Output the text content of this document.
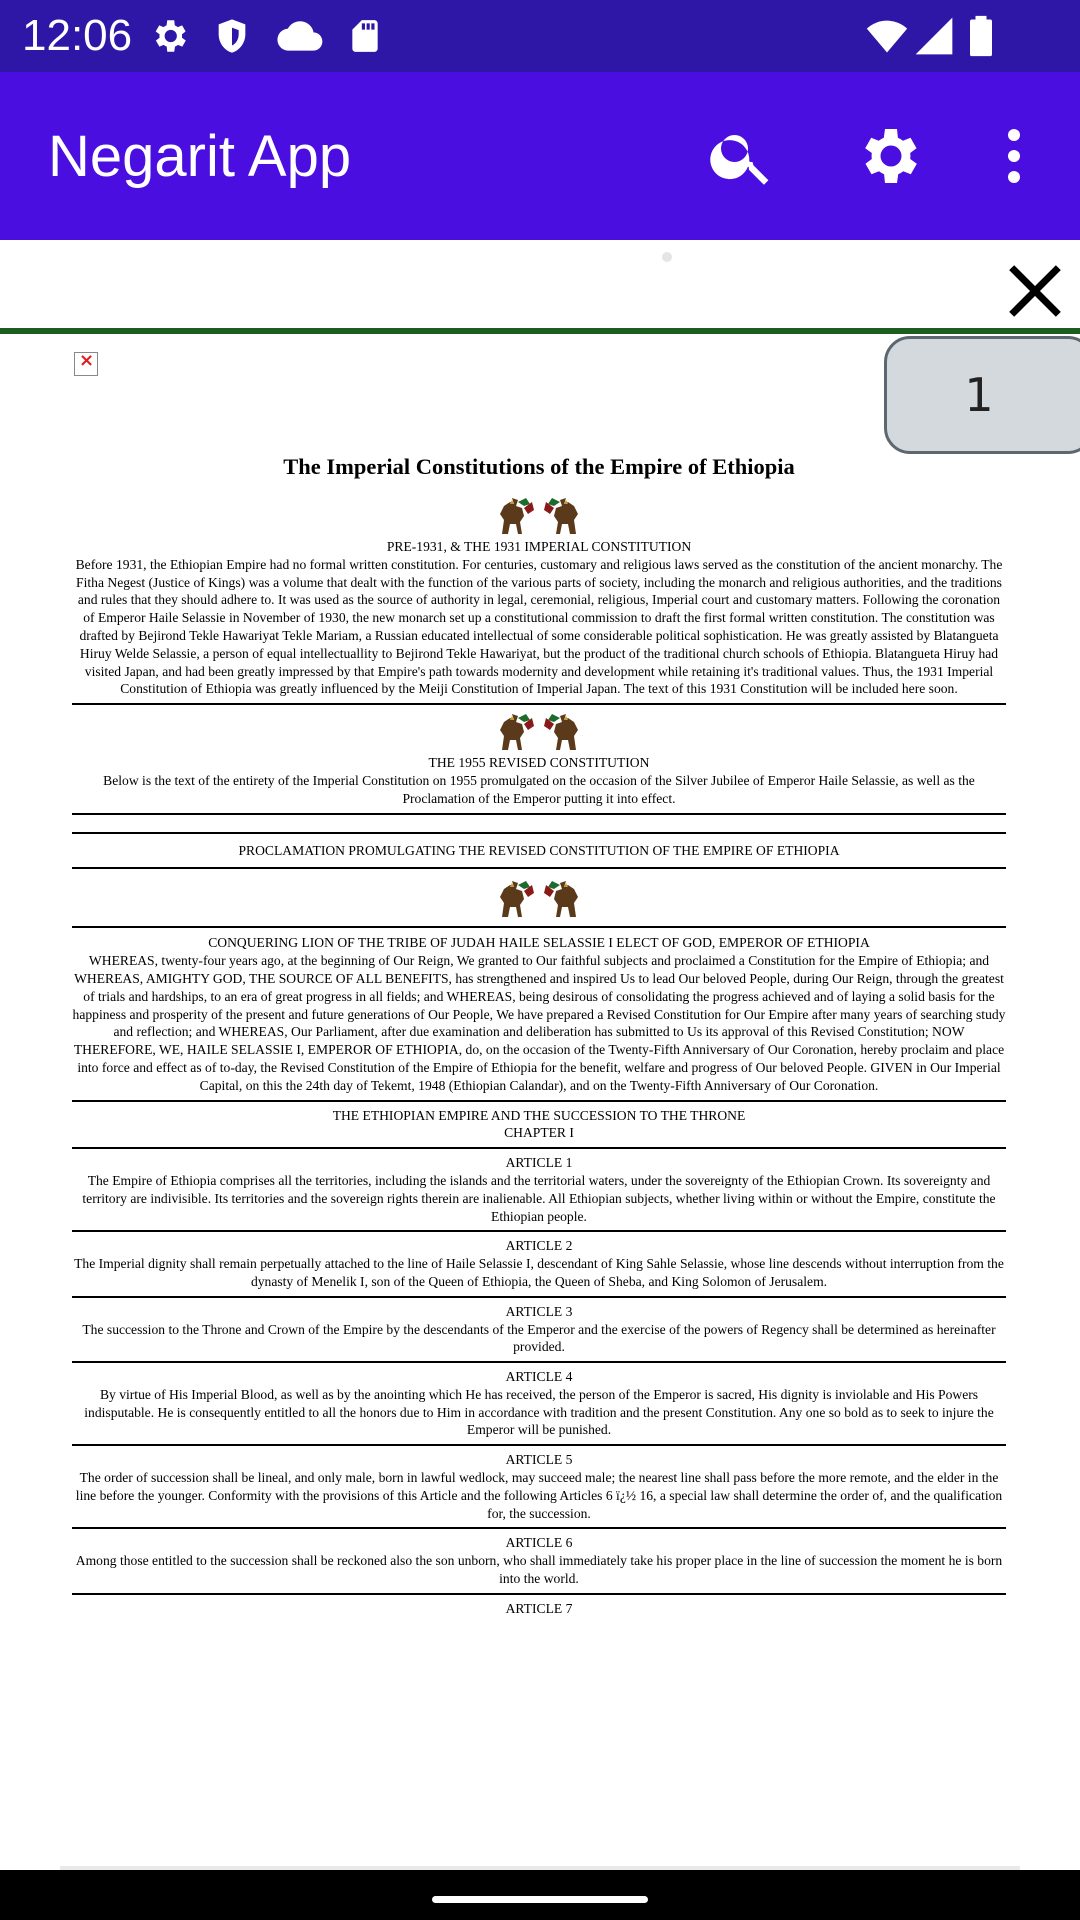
12:06
Negarit App
×
1
The Imperial Constitutions of the Empire of Ethiopia
PRE-1931, & THE 1931 IMPERIAL CONSTITUTION
Before 1931, the Ethiopian Empire had no formal written constitution. For centuries, customary and religious laws served as the constitution of the ancient monarchy. The Fitha Negest (Justice of Kings) was a volume that dealt with the function of the various parts of society, including the monarch and religious authorities, and the traditions and rules that they should adhere to. It was used as the source of authority in legal, ceremonial, religious, Imperial court and customary matters. Following the coronation of Emperor Haile Selassie in November of 1930, the new monarch set up a constitutional commission to draft the first formal written constitution. The constitution was drafted by Bejirond Tekle Hawariyat Tekle Mariam, a Russian educated intellectual of some considerable political sophistication. He was greatly assisted by Blatangueta Hiruy Welde Selassie, a person of equal intellectuallity to Bejirond Tekle Hawariyat, but the product of the traditional church schools of Ethiopia. Blatangueta Hiruy had visited Japan, and had been greatly impressed by that Empire's path towards modernity and development while retaining it's traditional values. Thus, the 1931 Imperial Constitution of Ethiopia was greatly influenced by the Meiji Constitution of Imperial Japan. The text of this 1931 Constitution will be included here soon.
THE 1955 REVISED CONSTITUTION
Below is the text of the entirety of the Imperial Constitution on 1955 promulgated on the occasion of the Silver Jubilee of Emperor Haile Selassie, as well as the Proclamation of the Emperor putting it into effect.
PROCLAMATION PROMULGATING THE REVISED CONSTITUTION OF THE EMPIRE OF ETHIOPIA
CONQUERING LION OF THE TRIBE OF JUDAH HAILE SELASSIE I ELECT OF GOD, EMPEROR OF ETHIOPIA
WHEREAS, twenty-four years ago, at the beginning of Our Reign, We granted to Our faithful subjects and proclaimed a Constitution for the Empire of Ethiopia; and WHEREAS, AMIGHTY GOD, THE SOURCE OF ALL BENEFITS, has strengthened and inspired Us to lead Our beloved People, during Our Reign, through the greatest of trials and hardships, to an era of great progress in all fields; and WHEREAS, being desirous of consolidating the progress achieved and of laying a solid basis for the happiness and prosperity of the present and future generations of Our People, We have prepared a Revised Constitution for Our Empire after many years of searching study and reflection; and WHEREAS, Our Parliament, after due examination and deliberation has submitted to Us its approval of this Revised Constitution; NOW THEREFORE, WE, HAILE SELASSIE I, EMPEROR OF ETHIOPIA, do, on the occasion of the Twenty-Fifth Anniversary of Our Coronation, hereby proclaim and place into force and effect as of to-day, the Revised Constitution of the Empire of Ethiopia for the benefit, welfare and progress of Our beloved People. GIVEN in Our Imperial Capital, on this the 24th day of Tekemt, 1948 (Ethiopian Calandar), and on the Twenty-Fifth Anniversary of Our Coronation.
THE ETHIOPIAN EMPIRE AND THE SUCCESSION TO THE THRONE
CHAPTER I
ARTICLE 1
The Empire of Ethiopia comprises all the territories, including the islands and the territorial waters, under the sovereignty of the Ethiopian Crown. Its sovereignty and territory are indivisible. Its territories and the sovereign rights therein are inalienable. All Ethiopian subjects, whether living within or without the Empire, constitute the Ethiopian people.
ARTICLE 2
The Imperial dignity shall remain perpetually attached to the line of Haile Selassie I, descendant of King Sahle Selassie, whose line descends without interruption from the dynasty of Menelik I, son of the Queen of Ethiopia, the Queen of Sheba, and King Solomon of Jerusalem.
ARTICLE 3
The succession to the Throne and Crown of the Empire by the descendants of the Emperor and the exercise of the powers of Regency shall be determined as hereinafter provided.
ARTICLE 4
By virtue of His Imperial Blood, as well as by the anointing which He has received, the person of the Emperor is sacred, His dignity is inviolable and His Powers indisputable. He is consequently entitled to all the honors due to Him in accordance with tradition and the present Constitution. Any one so bold as to seek to injure the Emperor will be punished.
ARTICLE 5
The order of succession shall be lineal, and only male, born in lawful wedlock, may succeed male; the nearest line shall pass before the more remote, and the elder in the line before the younger. Conformity with the provisions of this Article and the following Articles 6 ï¿½ 16, a special law shall determine the order of, and the qualification for, the succession.
ARTICLE 6
Among those entitled to the succession shall be reckoned also the son unborn, who shall immediately take his proper place in the line of succession the moment he is born into the world.
ARTICLE 7
